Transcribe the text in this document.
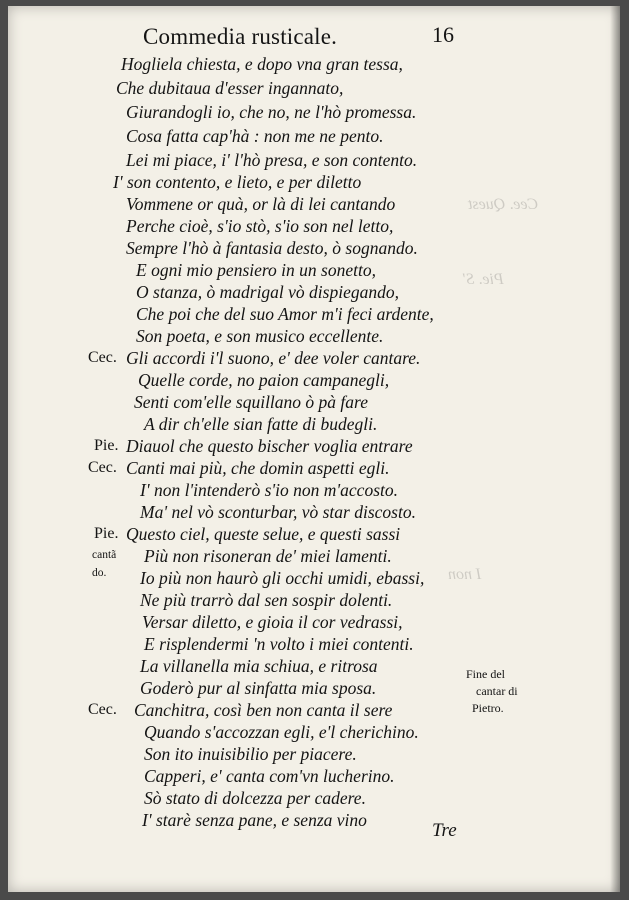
Commedia rusticale.	16
Cee. Quest
Pie. S'
I non
Hogliela chiesta, e dopo vna gran tessa,
Che dubitaua d'esser ingannato,
Giurandogli io, che no, ne l'hò promessa.
Cosa fatta cap'hà : non me ne pento.
Lei mi piace, i' l'hò presa, e son contento.
I' son contento, e lieto, e per diletto
Vommene or quà, or là di lei cantando
Perche cioè, s'io stò, s'io son nel letto,
Sempre l'hò à fantasia desto, ò sognando.
E ogni mio pensiero in un sonetto,
O stanza, ò madrigal vò dispiegando,
Che poi che del suo Amor m'i feci ardente,
Son poeta, e son musico eccellente.
Cec. Gli accordi i'l suono, e' dee voler cantare.
Quelle corde, no paion campanegli,
Senti com'elle squillano ò pà fare
A dir ch'elle sian fatte di budegli.
Pie. Diauol che questo bischer voglia entrare
Cec. Canti mai più, che domin aspetti egli.
I' non l'intenderò s'io non m'accosto.
Ma' nel vò sconturbar, vò star discosto.
Pie. Questo ciel, queste selue, e questi sassi
Più non risoneran de' miei lamenti.
Io più non haurò gli occhi umidi, ebassi,
Ne più trarrò dal sen sospir dolenti.
Versar diletto, e gioia il cor vedrassi,
E risplendermi 'n volto i miei contenti.
La villanella mia schiua, e ritrosa
Goderò pur al sinfatta mia sposa.
Cec. Canchitra, così ben non canta il sere
Quando s'accozzan egli, e'l cherichino.
Son ito inuisibilio per piacere.
Capperi, e' canta com'vn lucherino.
Sò stato di dolcezza per cadere.
I' starè senza pane, e senza vino
cantã
do.
Fine del
cantar di
Pietro.
Tre
